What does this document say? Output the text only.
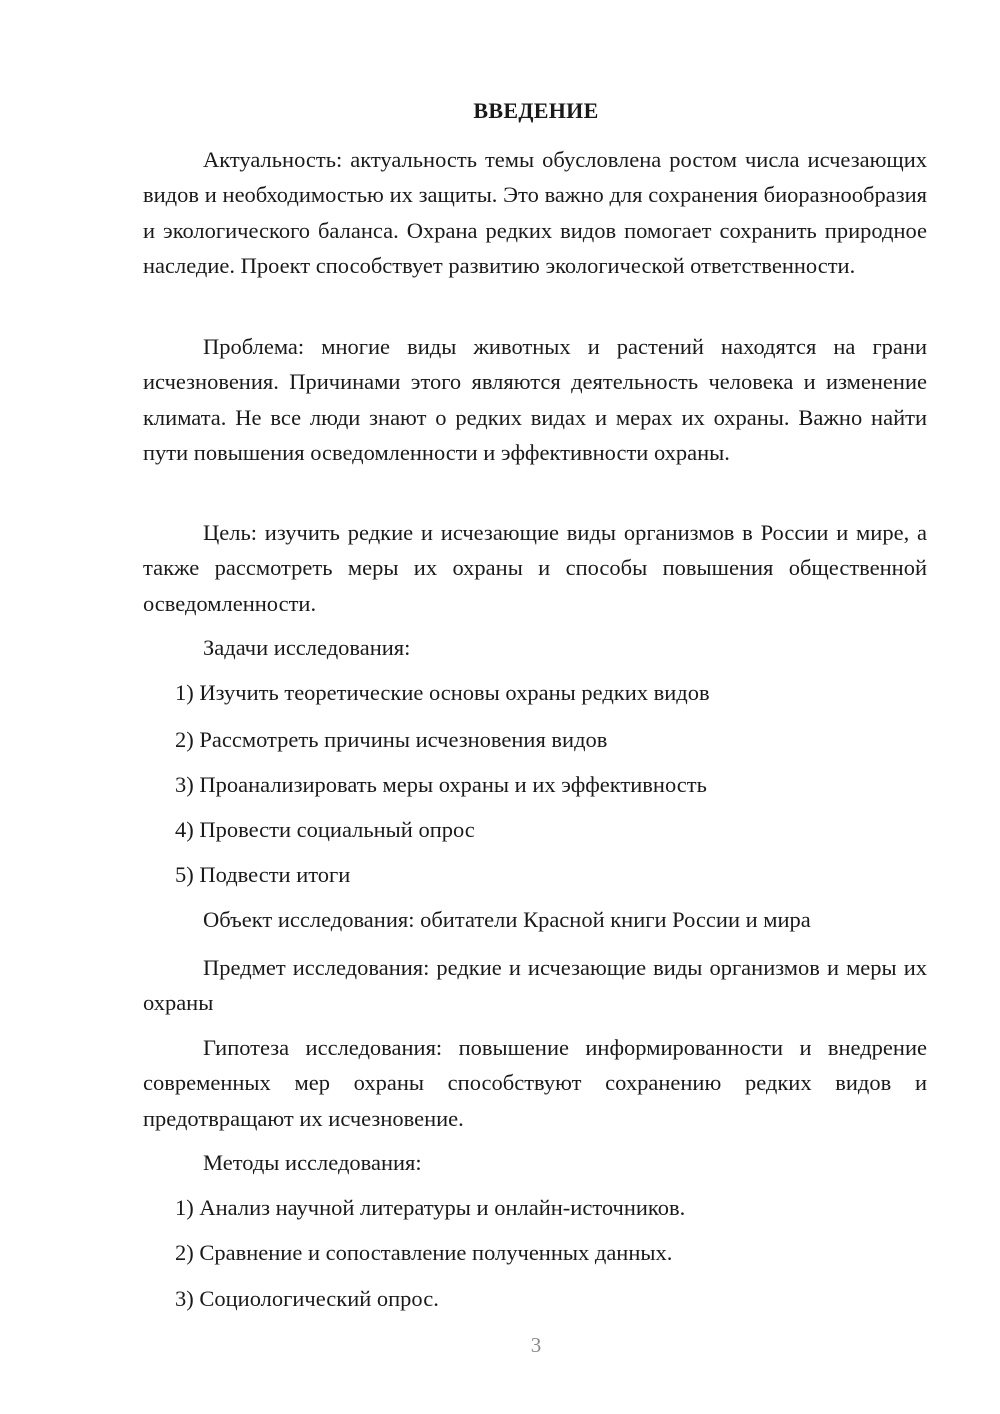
ВВЕДЕНИЕ

Актуальность: актуальность темы обусловлена ростом числа исчезающих видов и необходимостью их защиты. Это важно для сохранения биоразнообразия и экологического баланса. Охрана редких видов помогает сохранить природное наследие. Проект способствует развитию экологической ответственности.

Проблема: многие виды животных и растений находятся на грани исчезновения. Причинами этого являются деятельность человека и изменение климата. Не все люди знают о редких видах и мерах их охраны. Важно найти пути повышения осведомленности и эффективности охраны.

Цель: изучить редкие и исчезающие виды организмов в России и мире, а также рассмотреть меры их охраны и способы повышения общественной осведомленности.

Задачи исследования:
1) Изучить теоретические основы охраны редких видов
2) Рассмотреть причины исчезновения видов
3) Проанализировать меры охраны и их эффективность
4) Провести социальный опрос
5) Подвести итоги
Объект исследования: обитатели Красной книги России и мира

Предмет исследования: редкие и исчезающие виды организмов и меры их охраны

Гипотеза исследования: повышение информированности и внедрение современных мер охраны способствуют сохранению редких видов и предотвращают их исчезновение.

Методы исследования:
1) Анализ научной литературы и онлайн-источников.
2) Сравнение и сопоставление полученных данных.
3) Социологический опрос.
3
